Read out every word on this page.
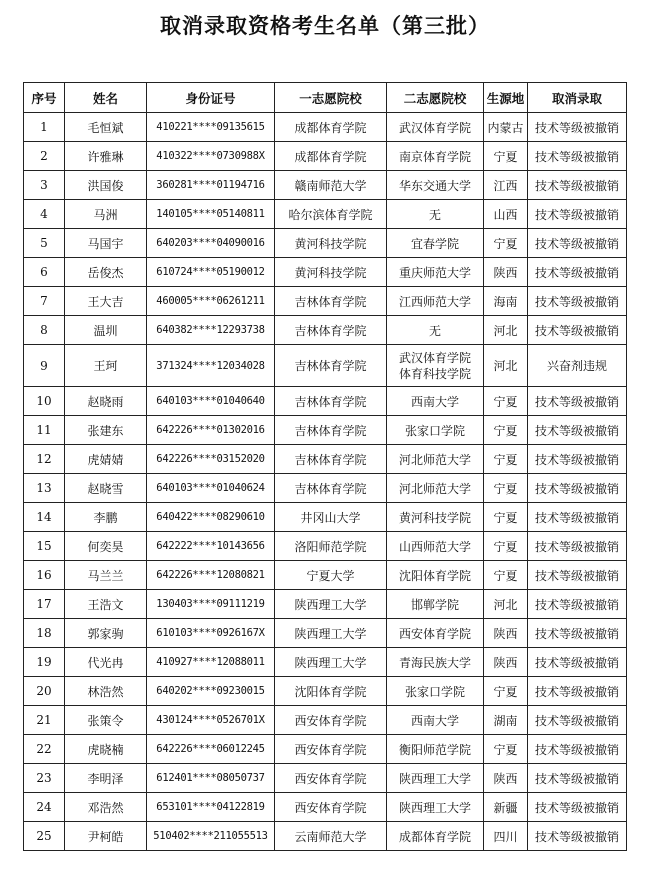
取消录取资格考生名单（第三批）
序号	姓名	身份证号	一志愿院校	二志愿院校	生源地	取消录取
1	毛恒斌	410221****09135615	成都体育学院	武汉体育学院	内蒙古	技术等级被撤销
2	许雅琳	410322****0730988X	成都体育学院	南京体育学院	宁夏	技术等级被撤销
3	洪国俊	360281****01194716	赣南师范大学	华东交通大学	江西	技术等级被撤销
4	马洲	140105****05140811	哈尔滨体育学院	无	山西	技术等级被撤销
5	马国宇	640203****04090016	黄河科技学院	宜春学院	宁夏	技术等级被撤销
6	岳俊杰	610724****05190012	黄河科技学院	重庆师范大学	陕西	技术等级被撤销
7	王大吉	460005****06261211	吉林体育学院	江西师范大学	海南	技术等级被撤销
8	温圳	640382****12293738	吉林体育学院	无	河北	技术等级被撤销
9	王珂	371324****12034028	吉林体育学院	武汉体育学院
体育科技学院	河北	兴奋剂违规
10	赵晓雨	640103****01040640	吉林体育学院	西南大学	宁夏	技术等级被撤销
11	张建东	642226****01302016	吉林体育学院	张家口学院	宁夏	技术等级被撤销
12	虎婧婧	642226****03152020	吉林体育学院	河北师范大学	宁夏	技术等级被撤销
13	赵晓雪	640103****01040624	吉林体育学院	河北师范大学	宁夏	技术等级被撤销
14	李鹏	640422****08290610	井冈山大学	黄河科技学院	宁夏	技术等级被撤销
15	何奕昊	642222****10143656	洛阳师范学院	山西师范大学	宁夏	技术等级被撤销
16	马兰兰	642226****12080821	宁夏大学	沈阳体育学院	宁夏	技术等级被撤销
17	王浩文	130403****09111219	陕西理工大学	邯郸学院	河北	技术等级被撤销
18	郭家驹	610103****0926167X	陕西理工大学	西安体育学院	陕西	技术等级被撤销
19	代光冉	410927****12088011	陕西理工大学	青海民族大学	陕西	技术等级被撤销
20	林浩然	640202****09230015	沈阳体育学院	张家口学院	宁夏	技术等级被撤销
21	张策令	430124****0526701X	西安体育学院	西南大学	湖南	技术等级被撤销
22	虎晓楠	642226****06012245	西安体育学院	衡阳师范学院	宁夏	技术等级被撤销
23	李明泽	612401****08050737	西安体育学院	陕西理工大学	陕西	技术等级被撤销
24	邓浩然	653101****04122819	西安体育学院	陕西理工大学	新疆	技术等级被撤销
25	尹柯皓	510402****211055513	云南师范大学	成都体育学院	四川	技术等级被撤销
